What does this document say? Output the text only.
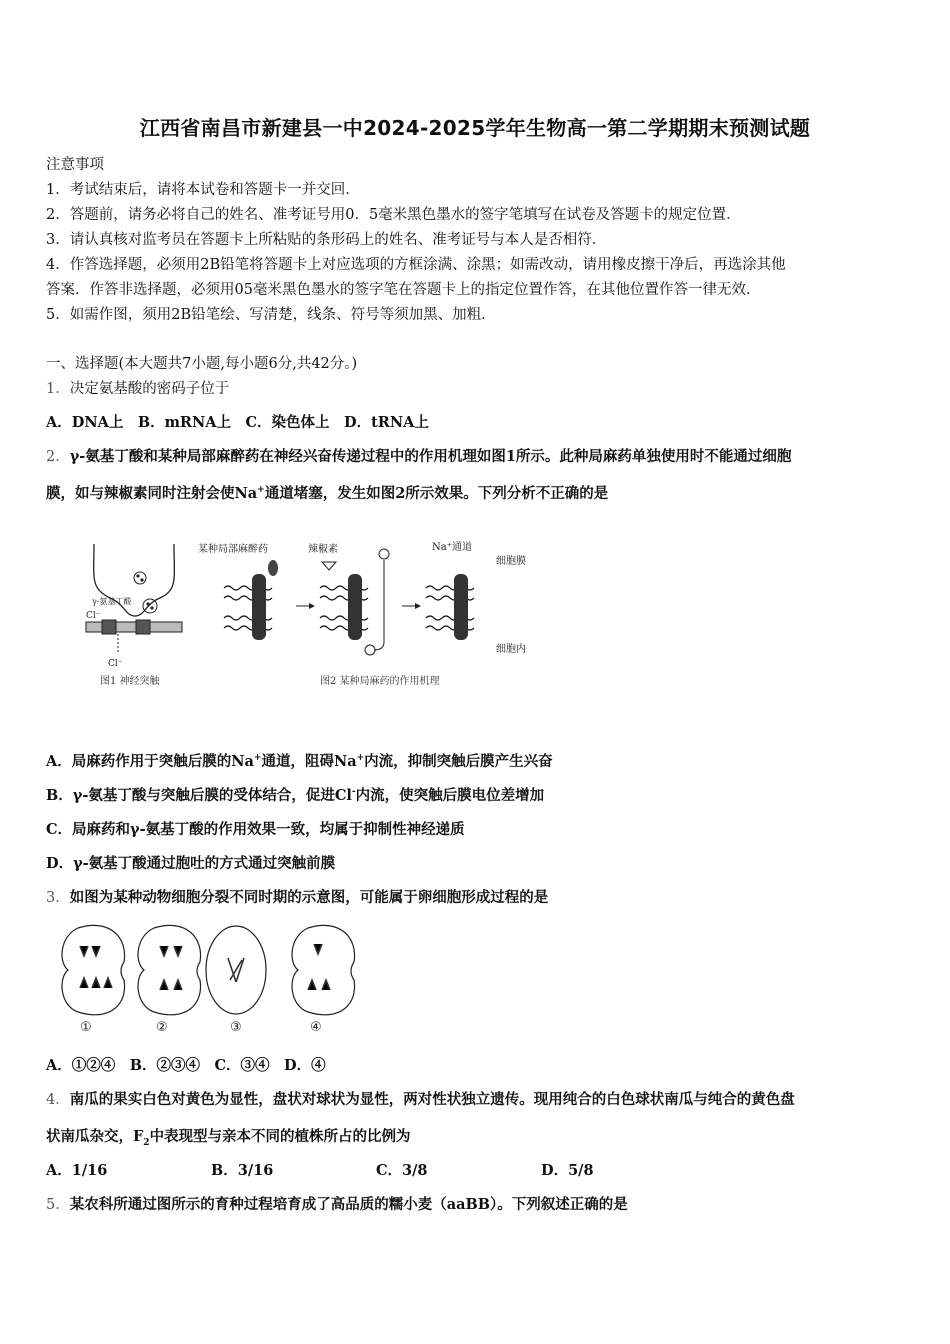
江西省南昌市新建县一中2024-2025学年生物高一第二学期期末预测试题
注意事项
1．考试结束后，请将本试卷和答题卡一并交回．
2．答题前，请务必将自己的姓名、准考证号用0．5毫米黑色墨水的签字笔填写在试卷及答题卡的规定位置．
3．请认真核对监考员在答题卡上所粘贴的条形码上的姓名、准考证号与本人是否相符．
4．作答选择题，必须用2B铅笔将答题卡上对应选项的方框涂满、涂黑；如需改动，请用橡皮擦干净后，再选涂其他
答案．作答非选择题，必须用05毫米黑色墨水的签字笔在答题卡上的指定位置作答，在其他位置作答一律无效．
5．如需作图，须用2B铅笔绘、写清楚，线条、符号等须加黑、加粗．
一、选择题(本大题共7小题,每小题6分,共42分。)
1．决定氨基酸的密码子位于
A．DNA上　B．mRNA上　C．染色体上　D．tRNA上
2．γ-氨基丁酸和某种局部麻醉药在神经兴奋传递过程中的作用机理如图1所示。此种局麻药单独使用时不能通过细胞
膜，如与辣椒素同时注射会使Na+通道堵塞，发生如图2所示效果。下列分析不正确的是
γ-氨基丁酸
Cl⁻
Cl⁻
图1 神经突触
某种局部麻醉药	辣椒素	Na⁺通道
细胞膜
细胞内
图2 某种局麻药的作用机理
A．局麻药作用于突触后膜的Na+通道，阻碍Na+内流，抑制突触后膜产生兴奋
B．γ-氨基丁酸与突触后膜的受体结合，促进Cl-内流，使突触后膜电位差增加
C．局麻药和γ-氨基丁酸的作用效果一致，均属于抑制性神经递质
D．γ-氨基丁酸通过胞吐的方式通过突触前膜
3．如图为某种动物细胞分裂不同时期的示意图，可能属于卵细胞形成过程的是
①	②	③	④
A．①②④　B．②③④　C．③④　D．④
4．南瓜的果实白色对黄色为显性，盘状对球状为显性，两对性状独立遗传。现用纯合的白色球状南瓜与纯合的黄色盘
状南瓜杂交，$F_2$中表现型与亲本不同的植株所占的比例为
A．1/16	B．3/16	C．3/8	D．5/8
5．某农科所通过图所示的育种过程培育成了高品质的糯小麦（aaBB）。下列叙述正确的是
